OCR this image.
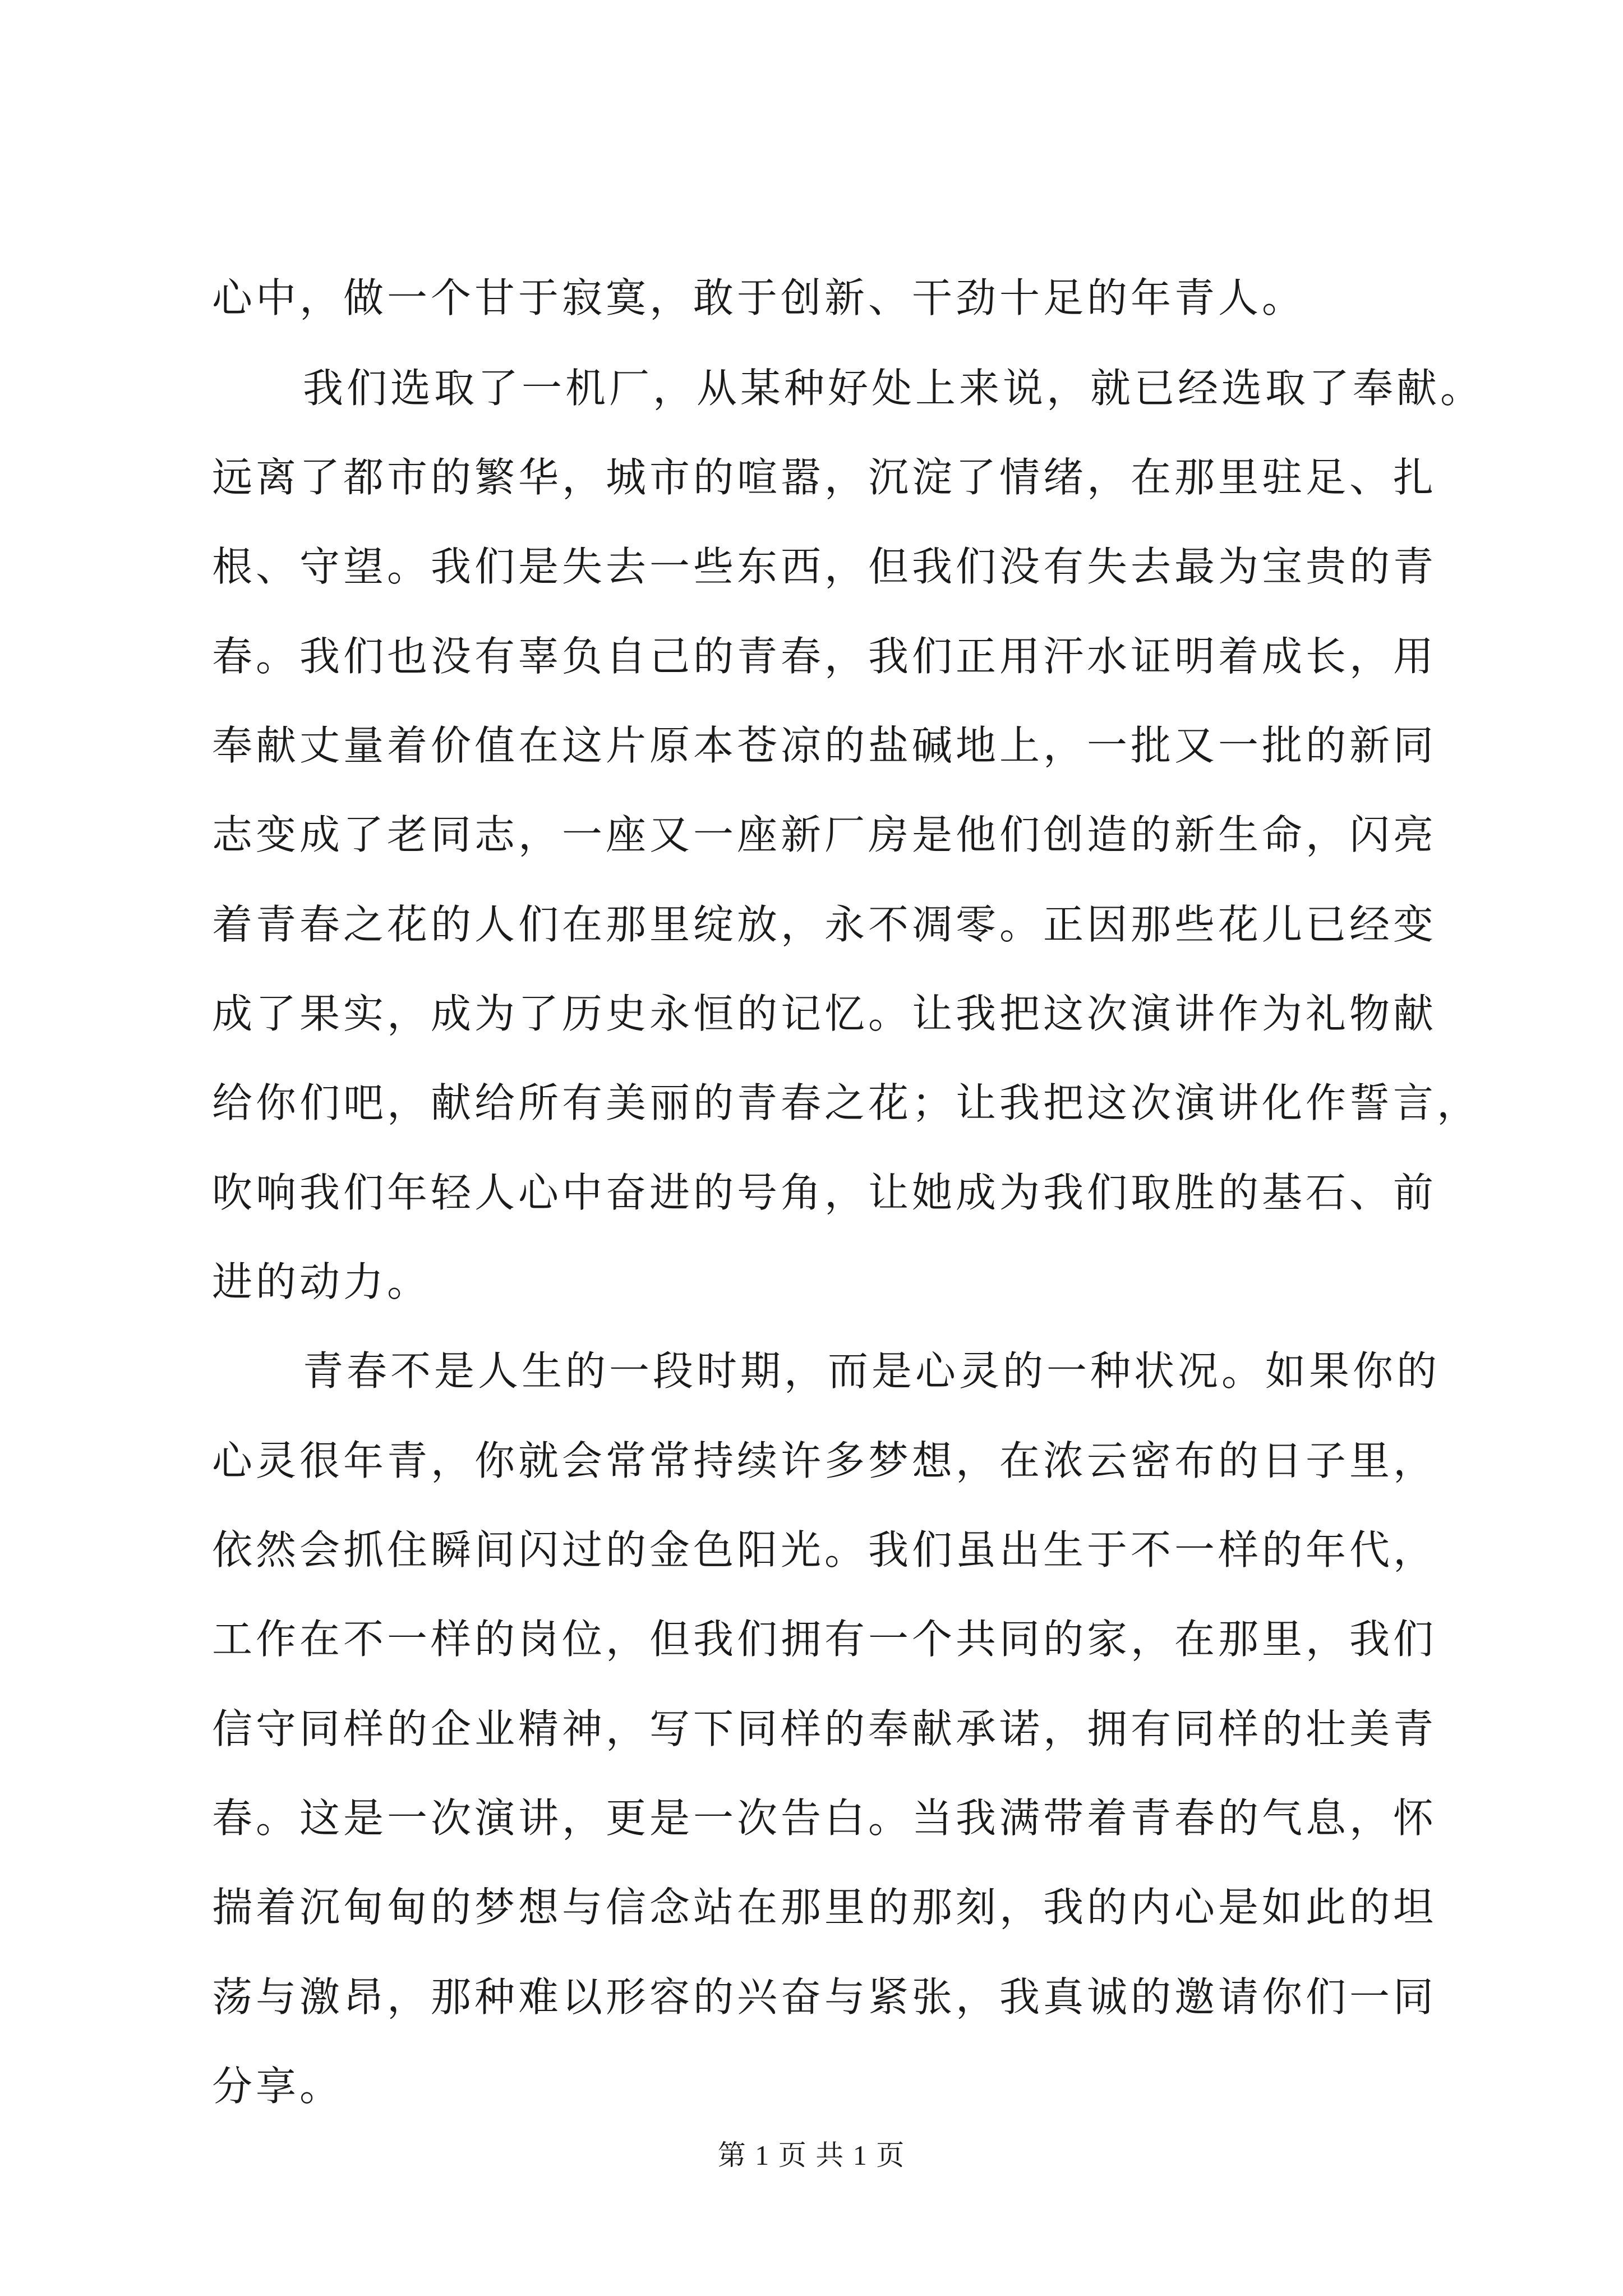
心中，做一个甘于寂寞，敢于创新、干劲十足的年青人。
我们选取了一机厂，从某种好处上来说，就已经选取了奉献。
远离了都市的繁华，城市的喧嚣，沉淀了情绪，在那里驻足、扎
根、守望。我们是失去一些东西，但我们没有失去最为宝贵的青
春。我们也没有辜负自己的青春，我们正用汗水证明着成长，用
奉献丈量着价值在这片原本苍凉的盐碱地上，一批又一批的新同
志变成了老同志，一座又一座新厂房是他们创造的新生命，闪亮
着青春之花的人们在那里绽放，永不凋零。正因那些花儿已经变
成了果实，成为了历史永恒的记忆。让我把这次演讲作为礼物献
给你们吧，献给所有美丽的青春之花；让我把这次演讲化作誓言，
吹响我们年轻人心中奋进的号角，让她成为我们取胜的基石、前
进的动力。
青春不是人生的一段时期，而是心灵的一种状况。如果你的
心灵很年青，你就会常常持续许多梦想，在浓云密布的日子里，
依然会抓住瞬间闪过的金色阳光。我们虽出生于不一样的年代，
工作在不一样的岗位，但我们拥有一个共同的家，在那里，我们
信守同样的企业精神，写下同样的奉献承诺，拥有同样的壮美青
春。这是一次演讲，更是一次告白。当我满带着青春的气息，怀
揣着沉甸甸的梦想与信念站在那里的那刻，我的内心是如此的坦
荡与激昂，那种难以形容的兴奋与紧张，我真诚的邀请你们一同
分享。
第 1 页 共 1 页
